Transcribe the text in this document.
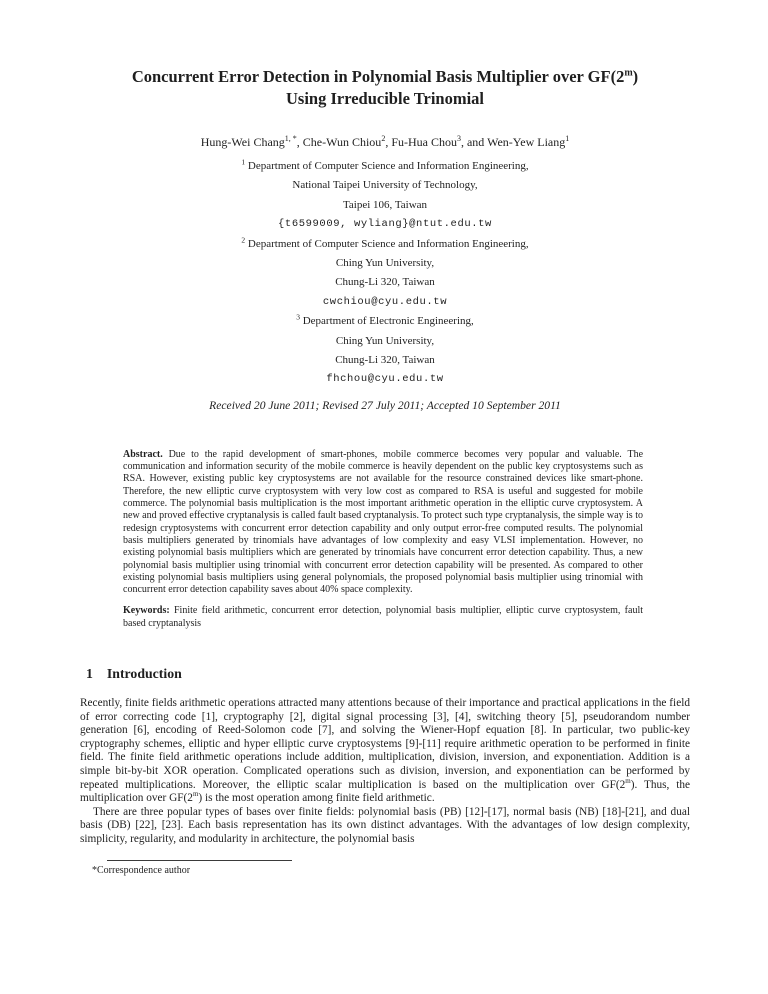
Concurrent Error Detection in Polynomial Basis Multiplier over GF(2$^m$)
Using Irreducible Trinomial
Hung-Wei Chang$^{1, *}$, Che-Wun Chiou$^2$, Fu-Hua Chou$^3$, and Wen-Yew Liang$^1$
$^1$ Department of Computer Science and Information Engineering,
National Taipei University of Technology,
Taipei 106, Taiwan
{t6599009, wyliang}@ntut.edu.tw
$^2$ Department of Computer Science and Information Engineering,
Ching Yun University,
Chung-Li 320, Taiwan
cwchiou@cyu.edu.tw
$^3$ Department of Electronic Engineering,
Ching Yun University,
Chung-Li 320, Taiwan
fhchou@cyu.edu.tw
Received 20 June 2011; Revised 27 July 2011; Accepted 10 September 2011

Abstract. Due to the rapid development of smart-phones, mobile commerce becomes very popular and valuable. The communication and information security of the mobile commerce is heavily dependent on the public key cryptosystems such as RSA. However, existing public key cryptosystems are not available for the resource constrained devices like smart-phone. Therefore, the new elliptic curve cryptosystem with very low cost as compared to RSA is useful and suggested for mobile commerce. The polynomial basis multiplication is the most important arithmetic operation in the elliptic curve cryptosystem. A new and proved effective cryptanalysis is called fault based cryptanalysis. To protect such type cryptanalysis, the simple way is to redesign cryptosystems with concurrent error detection capability and only output error-free computed results. The polynomial basis multipliers generated by trinomials have advantages of low complexity and easy VLSI implementation. However, no existing polynomial basis multipliers which are generated by trinomials have concurrent error detection capability. Thus, a new polynomial basis multiplier using trinomial with concurrent error detection capability will be presented. As compared to other existing polynomial basis multipliers using general polynomials, the proposed polynomial basis multiplier using trinomial with concurrent error detection capability saves about 40% space complexity.

Keywords: Finite field arithmetic, concurrent error detection, polynomial basis multiplier, elliptic curve cryptosystem, fault based cryptanalysis

1 Introduction

Recently, finite fields arithmetic operations attracted many attentions because of their importance and practical applications in the field of error correcting code [1], cryptography [2], digital signal processing [3], [4], switching theory [5], pseudorandom number generation [6], encoding of Reed-Solomon code [7], and solving the Wiener-Hopf equation [8]. In particular, two public-key cryptography schemes, elliptic and hyper elliptic curve cryptosystems [9]-[11] require arithmetic operation to be performed in finite field. The finite field arithmetic operations include addition, multiplication, division, inversion, and exponentiation. Addition is a simple bit-by-bit XOR operation. Complicated operations such as division, inversion, and exponentiation can be performed by repeated multiplications. Moreover, the elliptic scalar multiplication is based on the multiplication over GF(2$^m$). Thus, the multiplication over GF(2$^m$) is the most operation among finite field arithmetic.

There are three popular types of bases over finite fields: polynomial basis (PB) [12]-[17], normal basis (NB) [18]-[21], and dual basis (DB) [22], [23]. Each basis representation has its own distinct advantages. With the advantages of low design complexity, simplicity, regularity, and modularity in architecture, the polynomial basis

*Correspondence author
